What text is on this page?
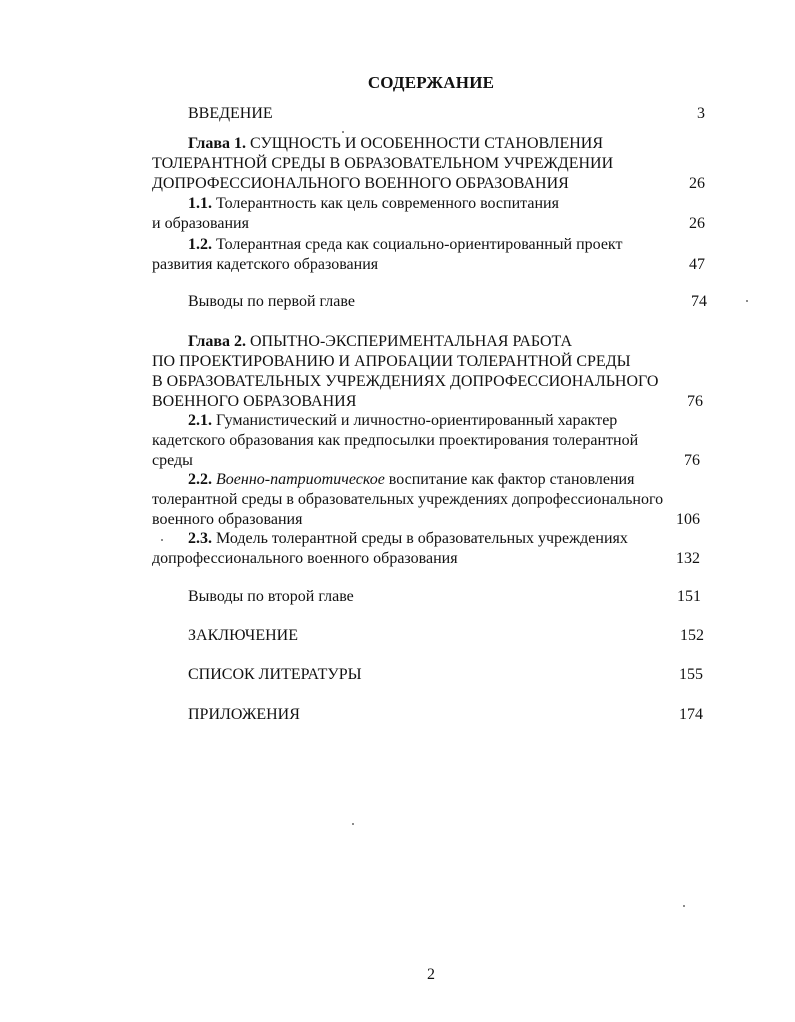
СОДЕРЖАНИЕ
ВВЕДЕНИЕ	3
Глава 1. СУЩНОСТЬ И ОСОБЕННОСТИ СТАНОВЛЕНИЯ
ТОЛЕРАНТНОЙ СРЕДЫ В ОБРАЗОВАТЕЛЬНОМ УЧРЕЖДЕНИИ
ДОПРОФЕССИОНАЛЬНОГО ВОЕННОГО ОБРАЗОВАНИЯ	26
1.1. Толерантность как цель современного воспитания
и образования	26
1.2. Толерантная среда как социально-ориентированный проект
развития кадетского образования	47
Выводы по первой главе	74
Глава 2. ОПЫТНО-ЭКСПЕРИМЕНТАЛЬНАЯ РАБОТА
ПО ПРОЕКТИРОВАНИЮ И АПРОБАЦИИ ТОЛЕРАНТНОЙ СРЕДЫ
В ОБРАЗОВАТЕЛЬНЫХ УЧРЕЖДЕНИЯХ ДОПРОФЕССИОНАЛЬНОГО
ВОЕННОГО ОБРАЗОВАНИЯ	76
2.1. Гуманистический и личностно-ориентированный характер
кадетского образования как предпосылки проектирования толерантной
среды	76
2.2. Военно-патриотическое воспитание как фактор становления
толерантной среды в образовательных учреждениях допрофессионального
военного образования	106
2.3. Модель толерантной среды в образовательных учреждениях
допрофессионального военного образования	132
Выводы по второй главе	151
ЗАКЛЮЧЕНИЕ	152
СПИСОК ЛИТЕРАТУРЫ	155
ПРИЛОЖЕНИЯ	174
2
